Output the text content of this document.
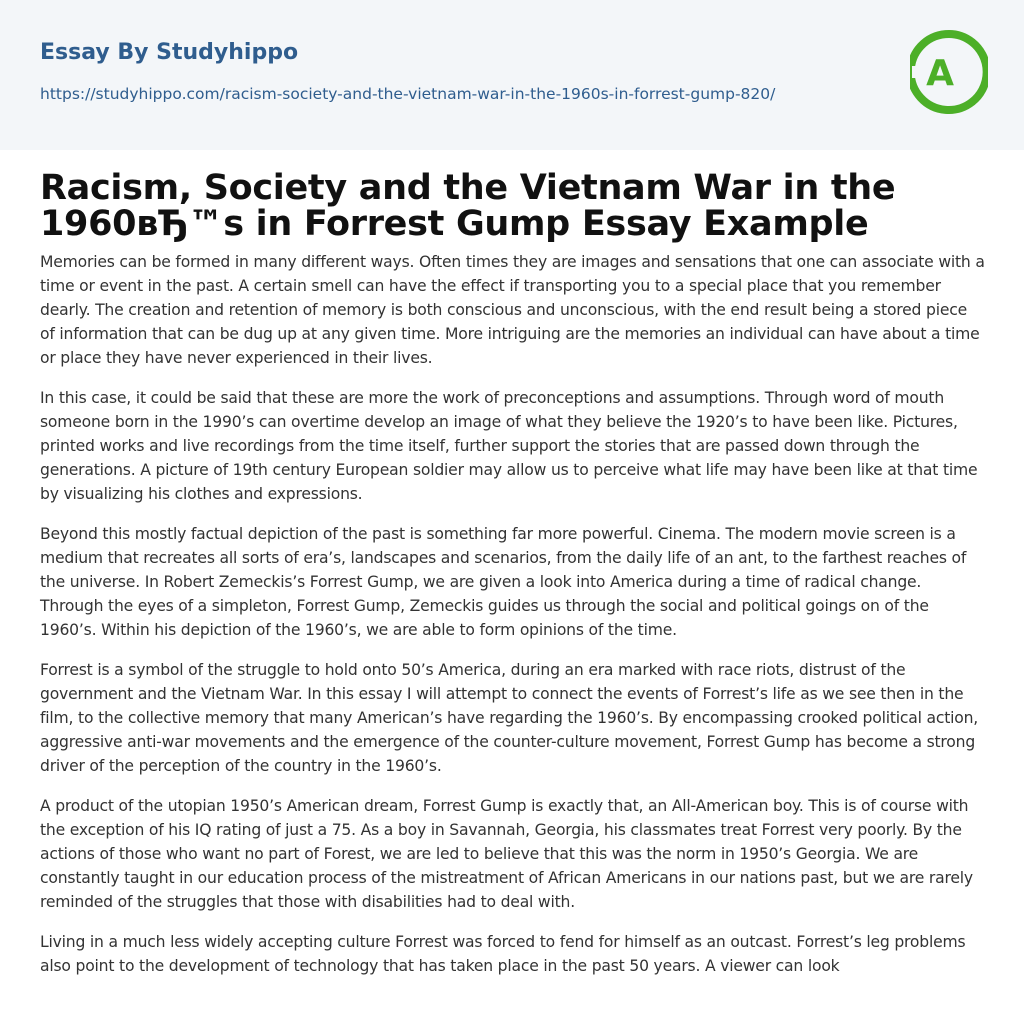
Essay By Studyhippo
https://studyhippo.com/racism-society-and-the-vietnam-war-in-the-1960s-in-forrest-gump-820/	A
Racism, Society and the Vietnam War in the 1960вЂ™s in Forrest Gump Essay Example

Memories can be formed in many different ways. Often times they are images and sensations that one can associate with a time or event in the past. A certain smell can have the effect if transporting you to a special place that you remember dearly. The creation and retention of memory is both conscious and unconscious, with the end result being a stored piece of information that can be dug up at any given time. More intriguing are the memories an individual can have about a time or place they have never experienced in their lives.

In this case, it could be said that these are more the work of preconceptions and assumptions. Through word of mouth someone born in the 1990’s can overtime develop an image of what they believe the 1920’s to have been like. Pictures, printed works and live recordings from the time itself, further support the stories that are passed down through the generations. A picture of 19th century European soldier may allow us to perceive what life may have been like at that time by visualizing his clothes and expressions.

Beyond this mostly factual depiction of the past is something far more powerful. Cinema. The modern movie screen is a medium that recreates all sorts of era’s, landscapes and scenarios, from the daily life of an ant, to the farthest reaches of the universe. In Robert Zemeckis’s Forrest Gump, we are given a look into America during a time of radical change. Through the eyes of a simpleton, Forrest Gump, Zemeckis guides us through the social and political goings on of the 1960’s. Within his depiction of the 1960’s, we are able to form opinions of the time.

Forrest is a symbol of the struggle to hold onto 50’s America, during an era marked with race riots, distrust of the government and the Vietnam War. In this essay I will attempt to connect the events of Forrest’s life as we see then in the film, to the collective memory that many American’s have regarding the 1960’s. By encompassing crooked political action, aggressive anti-war movements and the emergence of the counter-culture movement, Forrest Gump has become a strong driver of the perception of the country in the 1960’s.

A product of the utopian 1950’s American dream, Forrest Gump is exactly that, an All-American boy. This is of course with the exception of his IQ rating of just a 75. As a boy in Savannah, Georgia, his classmates treat Forrest very poorly. By the actions of those who want no part of Forest, we are led to believe that this was the norm in 1950’s Georgia. We are constantly taught in our education process of the mistreatment of African Americans in our nations past, but we are rarely reminded of the struggles that those with disabilities had to deal with.

Living in a much less widely accepting culture Forrest was forced to fend for himself as an outcast. Forrest’s leg problems also point to the development of technology that has taken place in the past 50 years. A viewer can look
